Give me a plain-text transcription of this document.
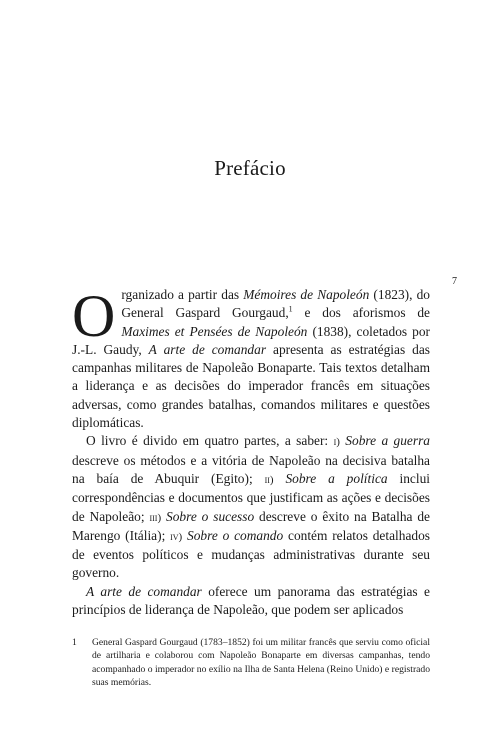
Prefácio
7

Organizado a partir das Mémoires de Napoleón (1823), do General Gaspard Gourgaud,$^1$ e dos aforismos de Maximes et Pensées de Napoleón (1838), coletados por J.-L. Gaudy, A arte de comandar apresenta as estratégias das campanhas militares de Napoleão Bonaparte. Tais textos detalham a liderança e as decisões do imperador francês em situações adversas, como grandes batalhas, comandos militares e questões diplomáticas.

O livro é divido em quatro partes, a saber: i) Sobre a guerra descreve os métodos e a vitória de Napoleão na decisiva batalha na baía de Abuquir (Egito); ii) Sobre a política inclui correspondências e documentos que justificam as ações e decisões de Napoleão; iii) Sobre o sucesso descreve o êxito na Batalha de Marengo (Itália); iv) Sobre o comando contém relatos detalhados de eventos políticos e mudanças administrativas durante seu governo.

A arte de comandar oferece um panorama das estratégias e princípios de liderança de Napoleão, que podem ser aplicados

1 General Gaspard Gourgaud (1783–1852) foi um militar francês que serviu como oficial de artilharia e colaborou com Napoleão Bonaparte em diversas campanhas, tendo acompanhado o imperador no exílio na Ilha de Santa Helena (Reino Unido) e registrado suas memórias.
